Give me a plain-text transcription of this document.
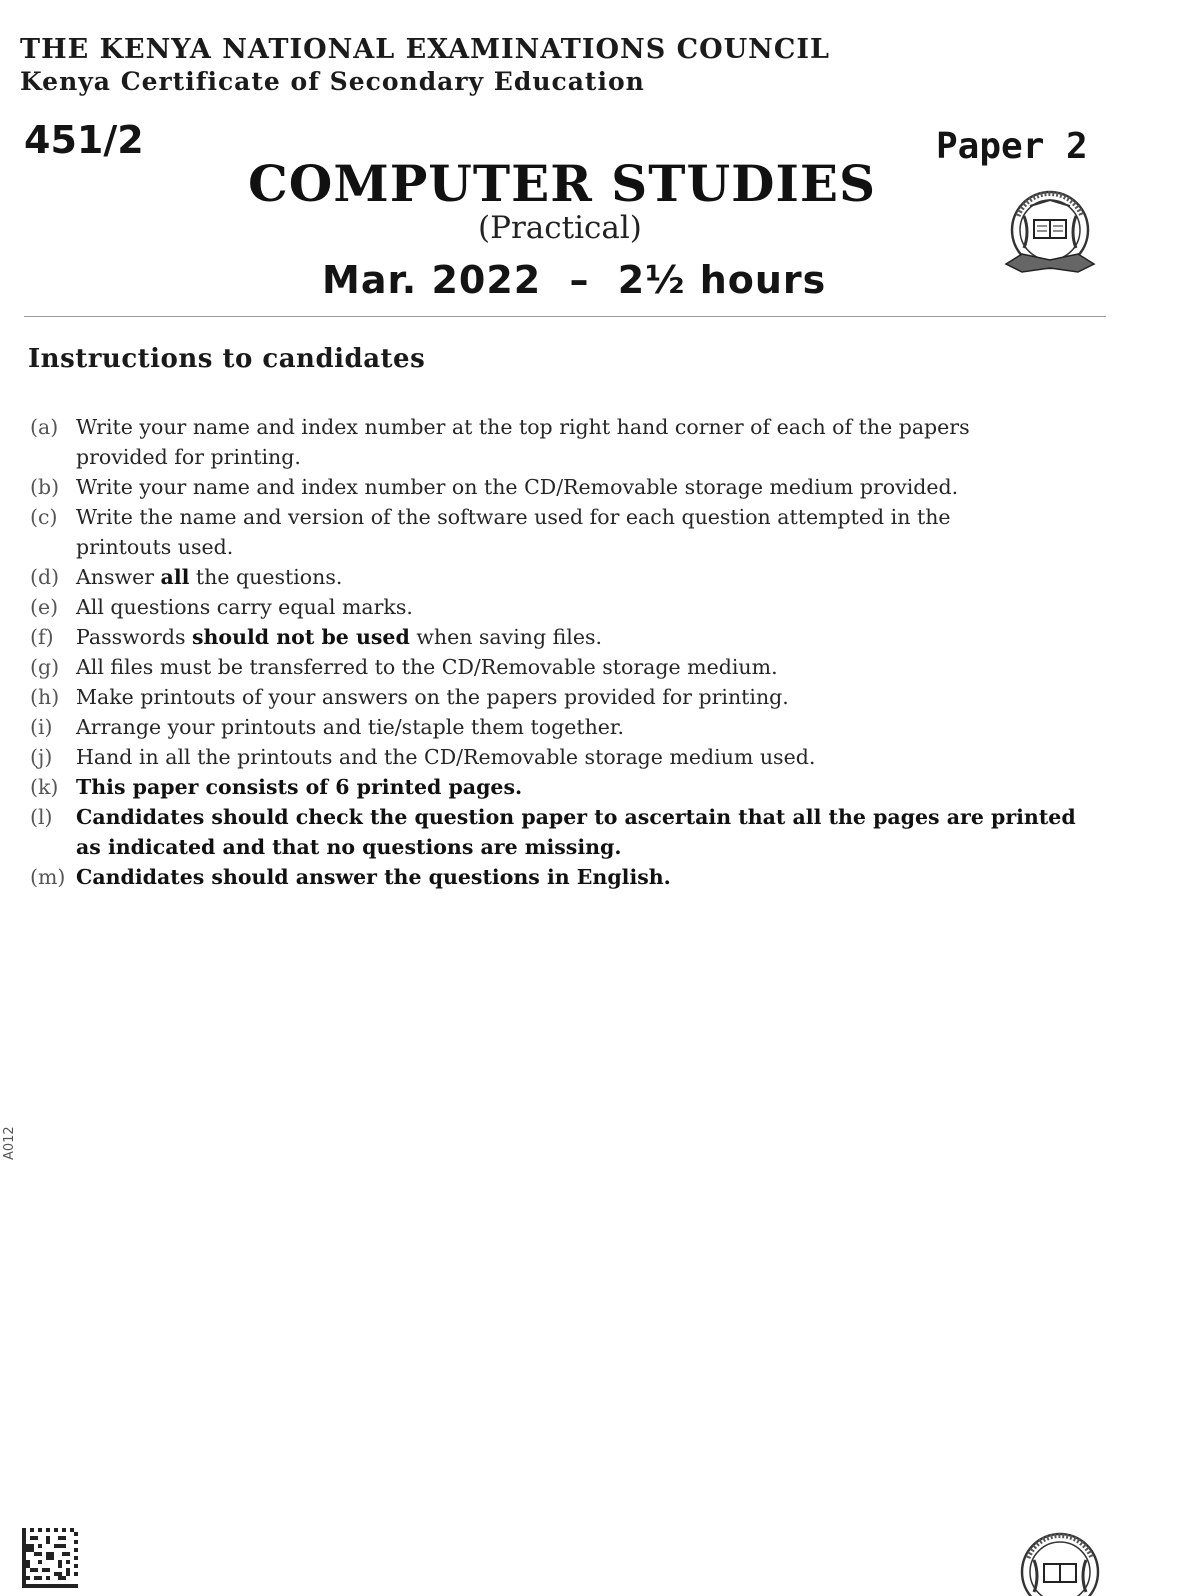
THE KENYA NATIONAL EXAMINATIONS COUNCIL
Kenya Certificate of Secondary Education
451/2	Paper 2
COMPUTER STUDIES
(Practical)
Mar. 2022 – 2½ hours
Instructions to candidates
(a) Write your name and index number at the top right hand corner of each of the papers provided for printing.
(b) Write your name and index number on the CD/Removable storage medium provided.
(c) Write the name and version of the software used for each question attempted in the printouts used.
(d) Answer all the questions.
(e) All questions carry equal marks.
(f) Passwords should not be used when saving files.
(g) All files must be transferred to the CD/Removable storage medium.
(h) Make printouts of your answers on the papers provided for printing.
(i) Arrange your printouts and tie/staple them together.
(j) Hand in all the printouts and the CD/Removable storage medium used.
(k) This paper consists of 6 printed pages.
(l) Candidates should check the question paper to ascertain that all the pages are printed as indicated and that no questions are missing.
(m) Candidates should answer the questions in English.
A012
